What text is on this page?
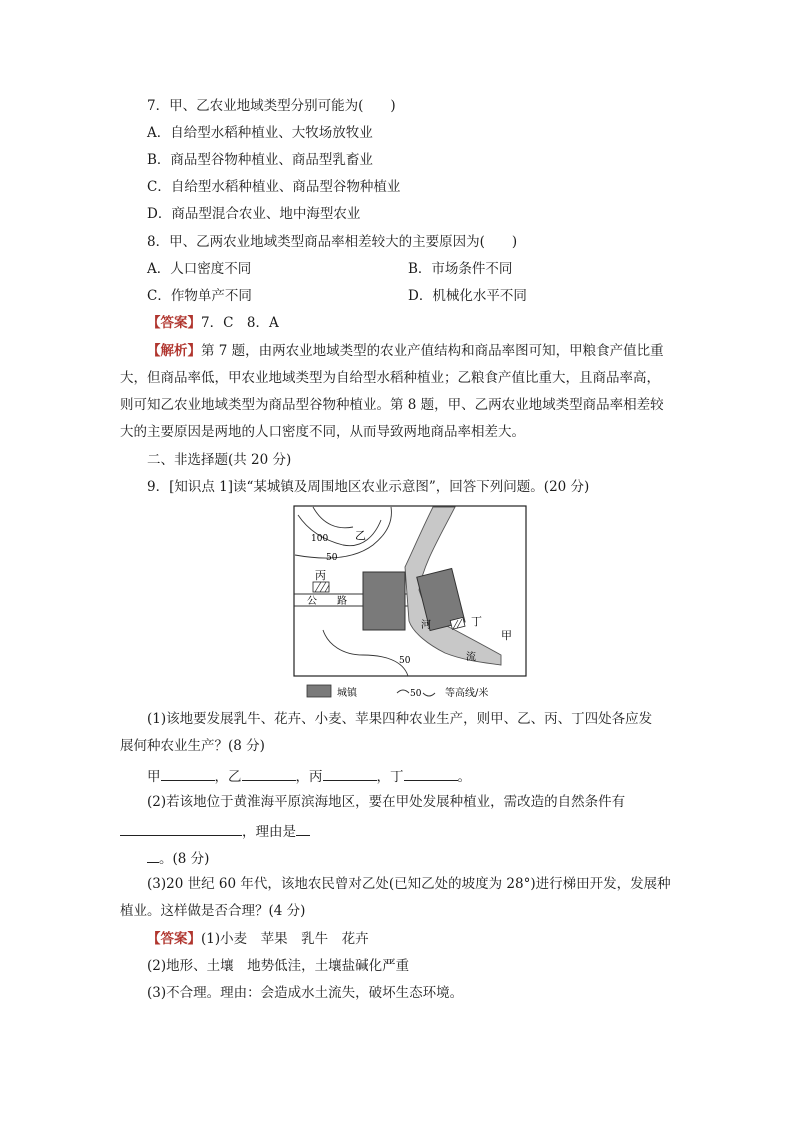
7．甲、乙农业地域类型分别可能为(　　)
A．自给型水稻种植业、大牧场放牧业
B．商品型谷物种植业、商品型乳畜业
C．自给型水稻种植业、商品型谷物种植业
D．商品型混合农业、地中海型农业
8．甲、乙两农业地域类型商品率相差较大的主要原因为(　　)
A．人口密度不同	B．市场条件不同
C．作物单产不同	D．机械化水平不同
【答案】7．C　8．A
【解析】第 7 题，由两农业地域类型的农业产值结构和商品率图可知，甲粮食产值比重
大，但商品率低，甲农业地域类型为自给型水稻种植业；乙粮食产值比重大，且商品率高，
则可知乙农业地域类型为商品型谷物种植业。第 8 题，甲、乙两农业地域类型商品率相差较
大的主要原因是两地的人口密度不同，从而导致两地商品率相差大。
二、非选择题(共 20 分)
9．[知识点 1]读“某城镇及周围地区农业示意图”，回答下列问题。(20 分)
100
50
50
乙
丙
丁
甲
公 路
河
流
城镇	50 等高线/米
(1)该地要发展乳牛、花卉、小麦、苹果四种农业生产，则甲、乙、丙、丁四处各应发
展何种农业生产？(8 分)
甲	，乙	，丙	，丁	。
(2)若该地位于黄淮海平原滨海地区，要在甲处发展种植业，需改造的自然条件有
，理由是
。(8 分)
(3)20 世纪 60 年代，该地农民曾对乙处(已知乙处的坡度为 28°)进行梯田开发，发展种
植业。这样做是否合理？(4 分)
【答案】(1)小麦　苹果　乳牛　花卉
(2)地形、土壤　地势低洼，土壤盐碱化严重
(3)不合理。理由：会造成水土流失，破坏生态环境。
